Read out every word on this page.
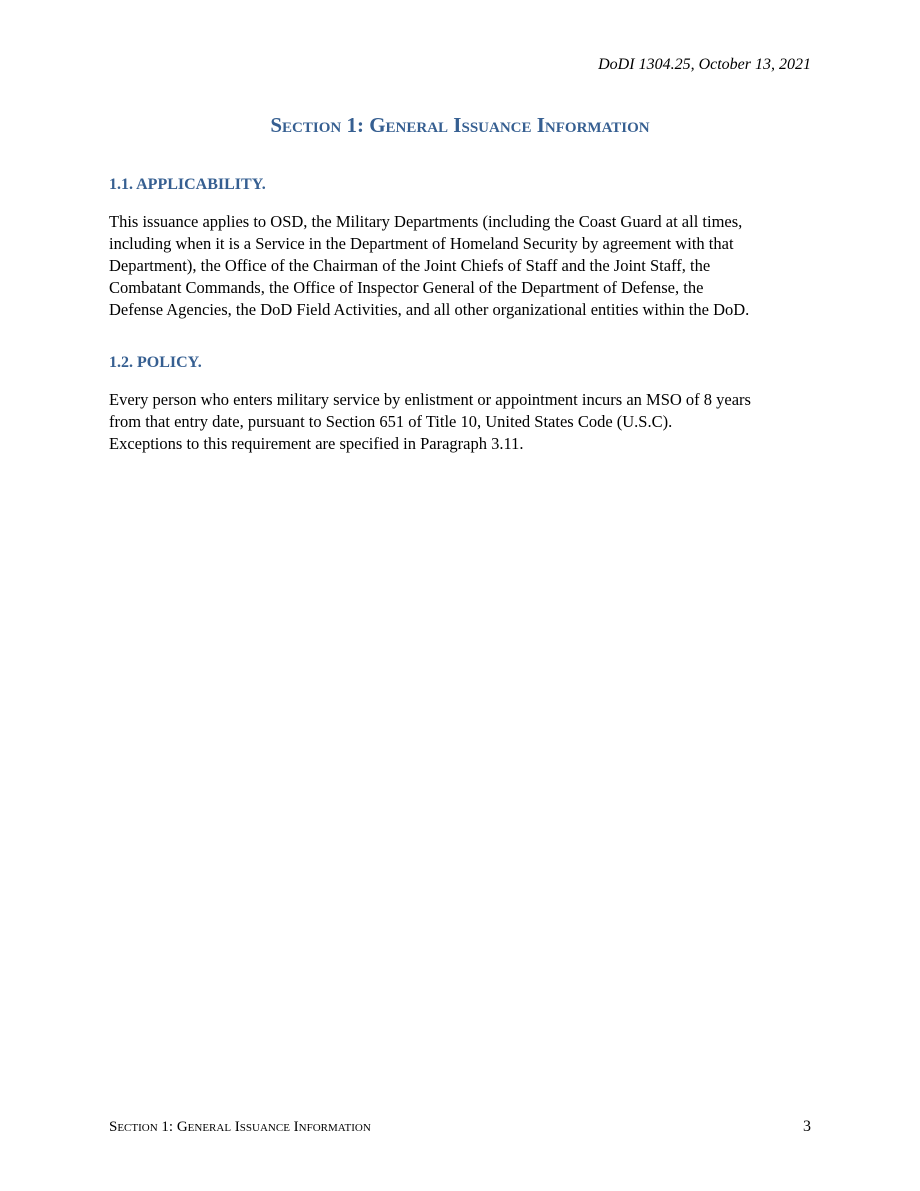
DoDI 1304.25, October 13, 2021

Section 1: General Issuance Information
1.1. APPLICABILITY.
This issuance applies to OSD, the Military Departments (including the Coast Guard at all times,
including when it is a Service in the Department of Homeland Security by agreement with that
Department), the Office of the Chairman of the Joint Chiefs of Staff and the Joint Staff, the
Combatant Commands, the Office of Inspector General of the Department of Defense, the
Defense Agencies, the DoD Field Activities, and all other organizational entities within the DoD.
1.2. POLICY.
Every person who enters military service by enlistment or appointment incurs an MSO of 8 years
from that entry date, pursuant to Section 651 of Title 10, United States Code (U.S.C).
Exceptions to this requirement are specified in Paragraph 3.11.

Section 1: General Issuance Information	3
